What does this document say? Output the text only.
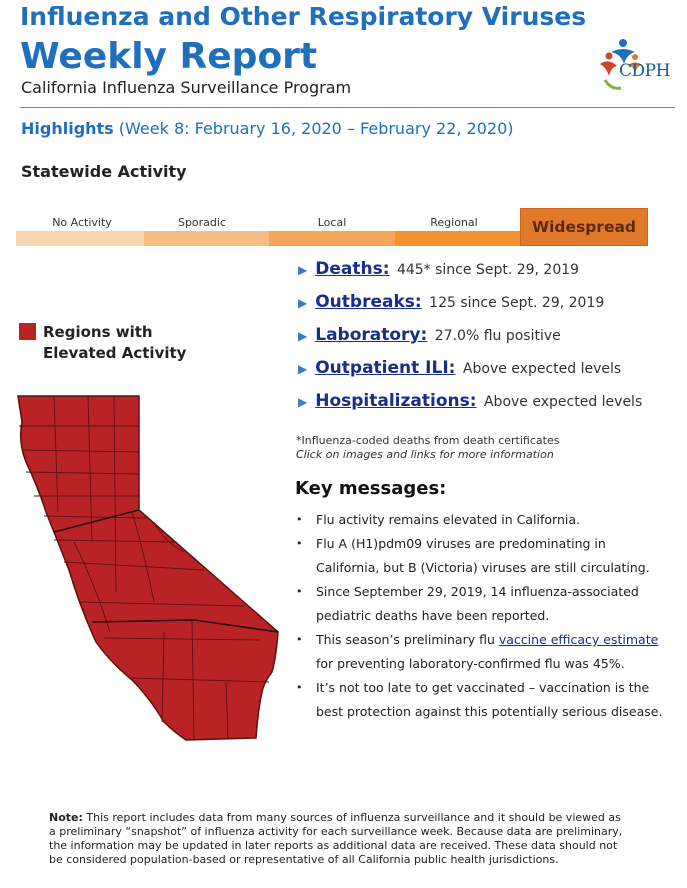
Influenza and Other Respiratory Viruses
Weekly Report
California Influenza Surveillance Program
CDPH
Highlights (Week 8: February 16, 2020 – February 22, 2020)
Statewide Activity
No Activity	Sporadic	Local	Regional	Widespread
▶ Deaths: 445* since Sept. 29, 2019
▶ Outbreaks: 125 since Sept. 29, 2019
▶ Laboratory: 27.0% flu positive
▶ Outpatient ILI: Above expected levels
▶ Hospitalizations: Above expected levels
Regions with
Elevated Activity
*Influenza-coded deaths from death certificates
Click on images and links for more information
Key messages:
• Flu activity remains elevated in California.
• Flu A (H1)pdm09 viruses are predominating in California, but B (Victoria) viruses are still circulating.
• Since September 29, 2019, 14 influenza-associated pediatric deaths have been reported.
• This season’s preliminary flu vaccine efficacy estimate for preventing laboratory-confirmed flu was 45%.
• It’s not too late to get vaccinated – vaccination is the best protection against this potentially serious disease.
Note: This report includes data from many sources of influenza surveillance and it should be viewed as a preliminary “snapshot” of influenza activity for each surveillance week. Because data are preliminary, the information may be updated in later reports as additional data are received. These data should not be considered population-based or representative of all California public health jurisdictions.
